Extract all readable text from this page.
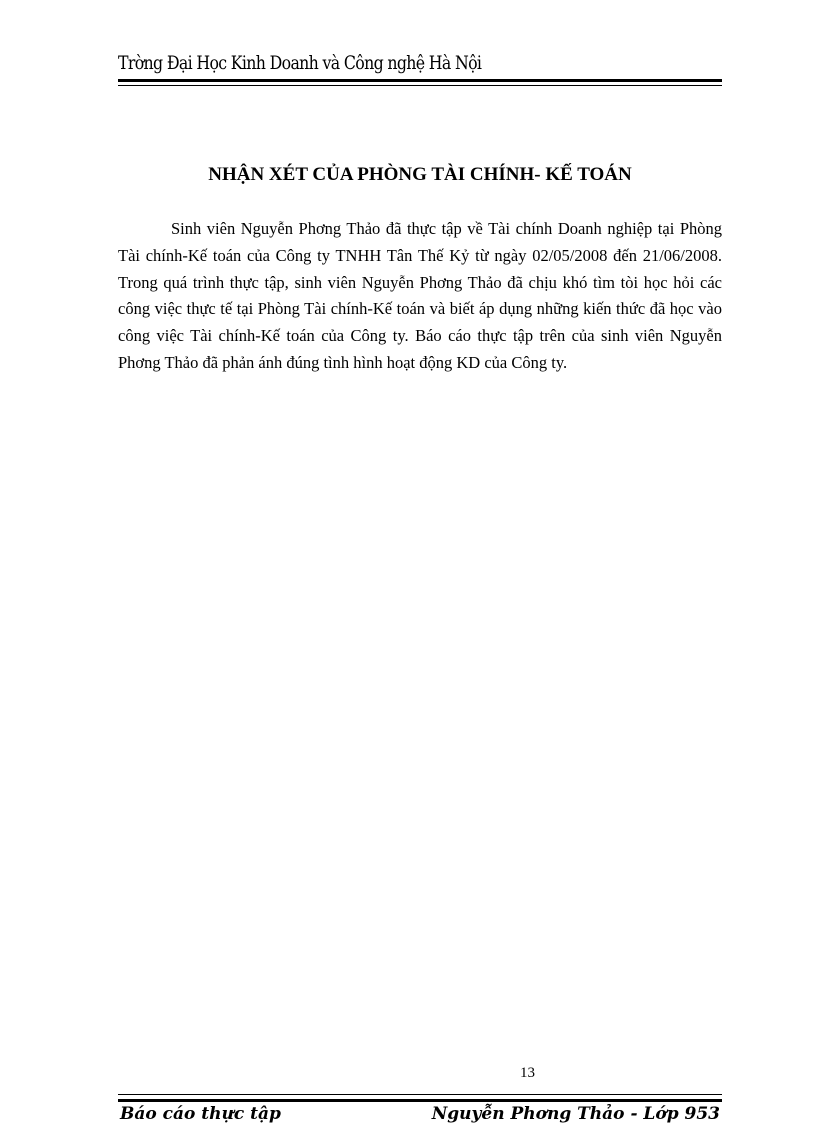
Trờng Đại Học Kinh Doanh và Công nghệ Hà Nội
NHẬN XÉT CỦA PHÒNG TÀI CHÍNH- KẾ TOÁN

Sinh viên Nguyễn Phơng Thảo đã thực tập về Tài chính Doanh nghiệp tại Phòng Tài chính-Kế toán của Công ty TNHH Tân Thế Kỷ từ ngày 02/05/2008 đến 21/06/2008. Trong quá trình thực tập, sinh viên Nguyễn Phơng Thảo đã chịu khó tìm tòi học hỏi các công việc thực tế tại Phòng Tài chính-Kế toán và biết áp dụng những kiến thức đã học vào công việc Tài chính-Kế toán của Công ty. Báo cáo thực tập trên của sinh viên Nguyễn Phơng Thảo đã phản ánh đúng tình hình hoạt động KD của Công ty.

13
Báo cáo thực tập	Nguyễn Phơng Thảo - Lớp 953
